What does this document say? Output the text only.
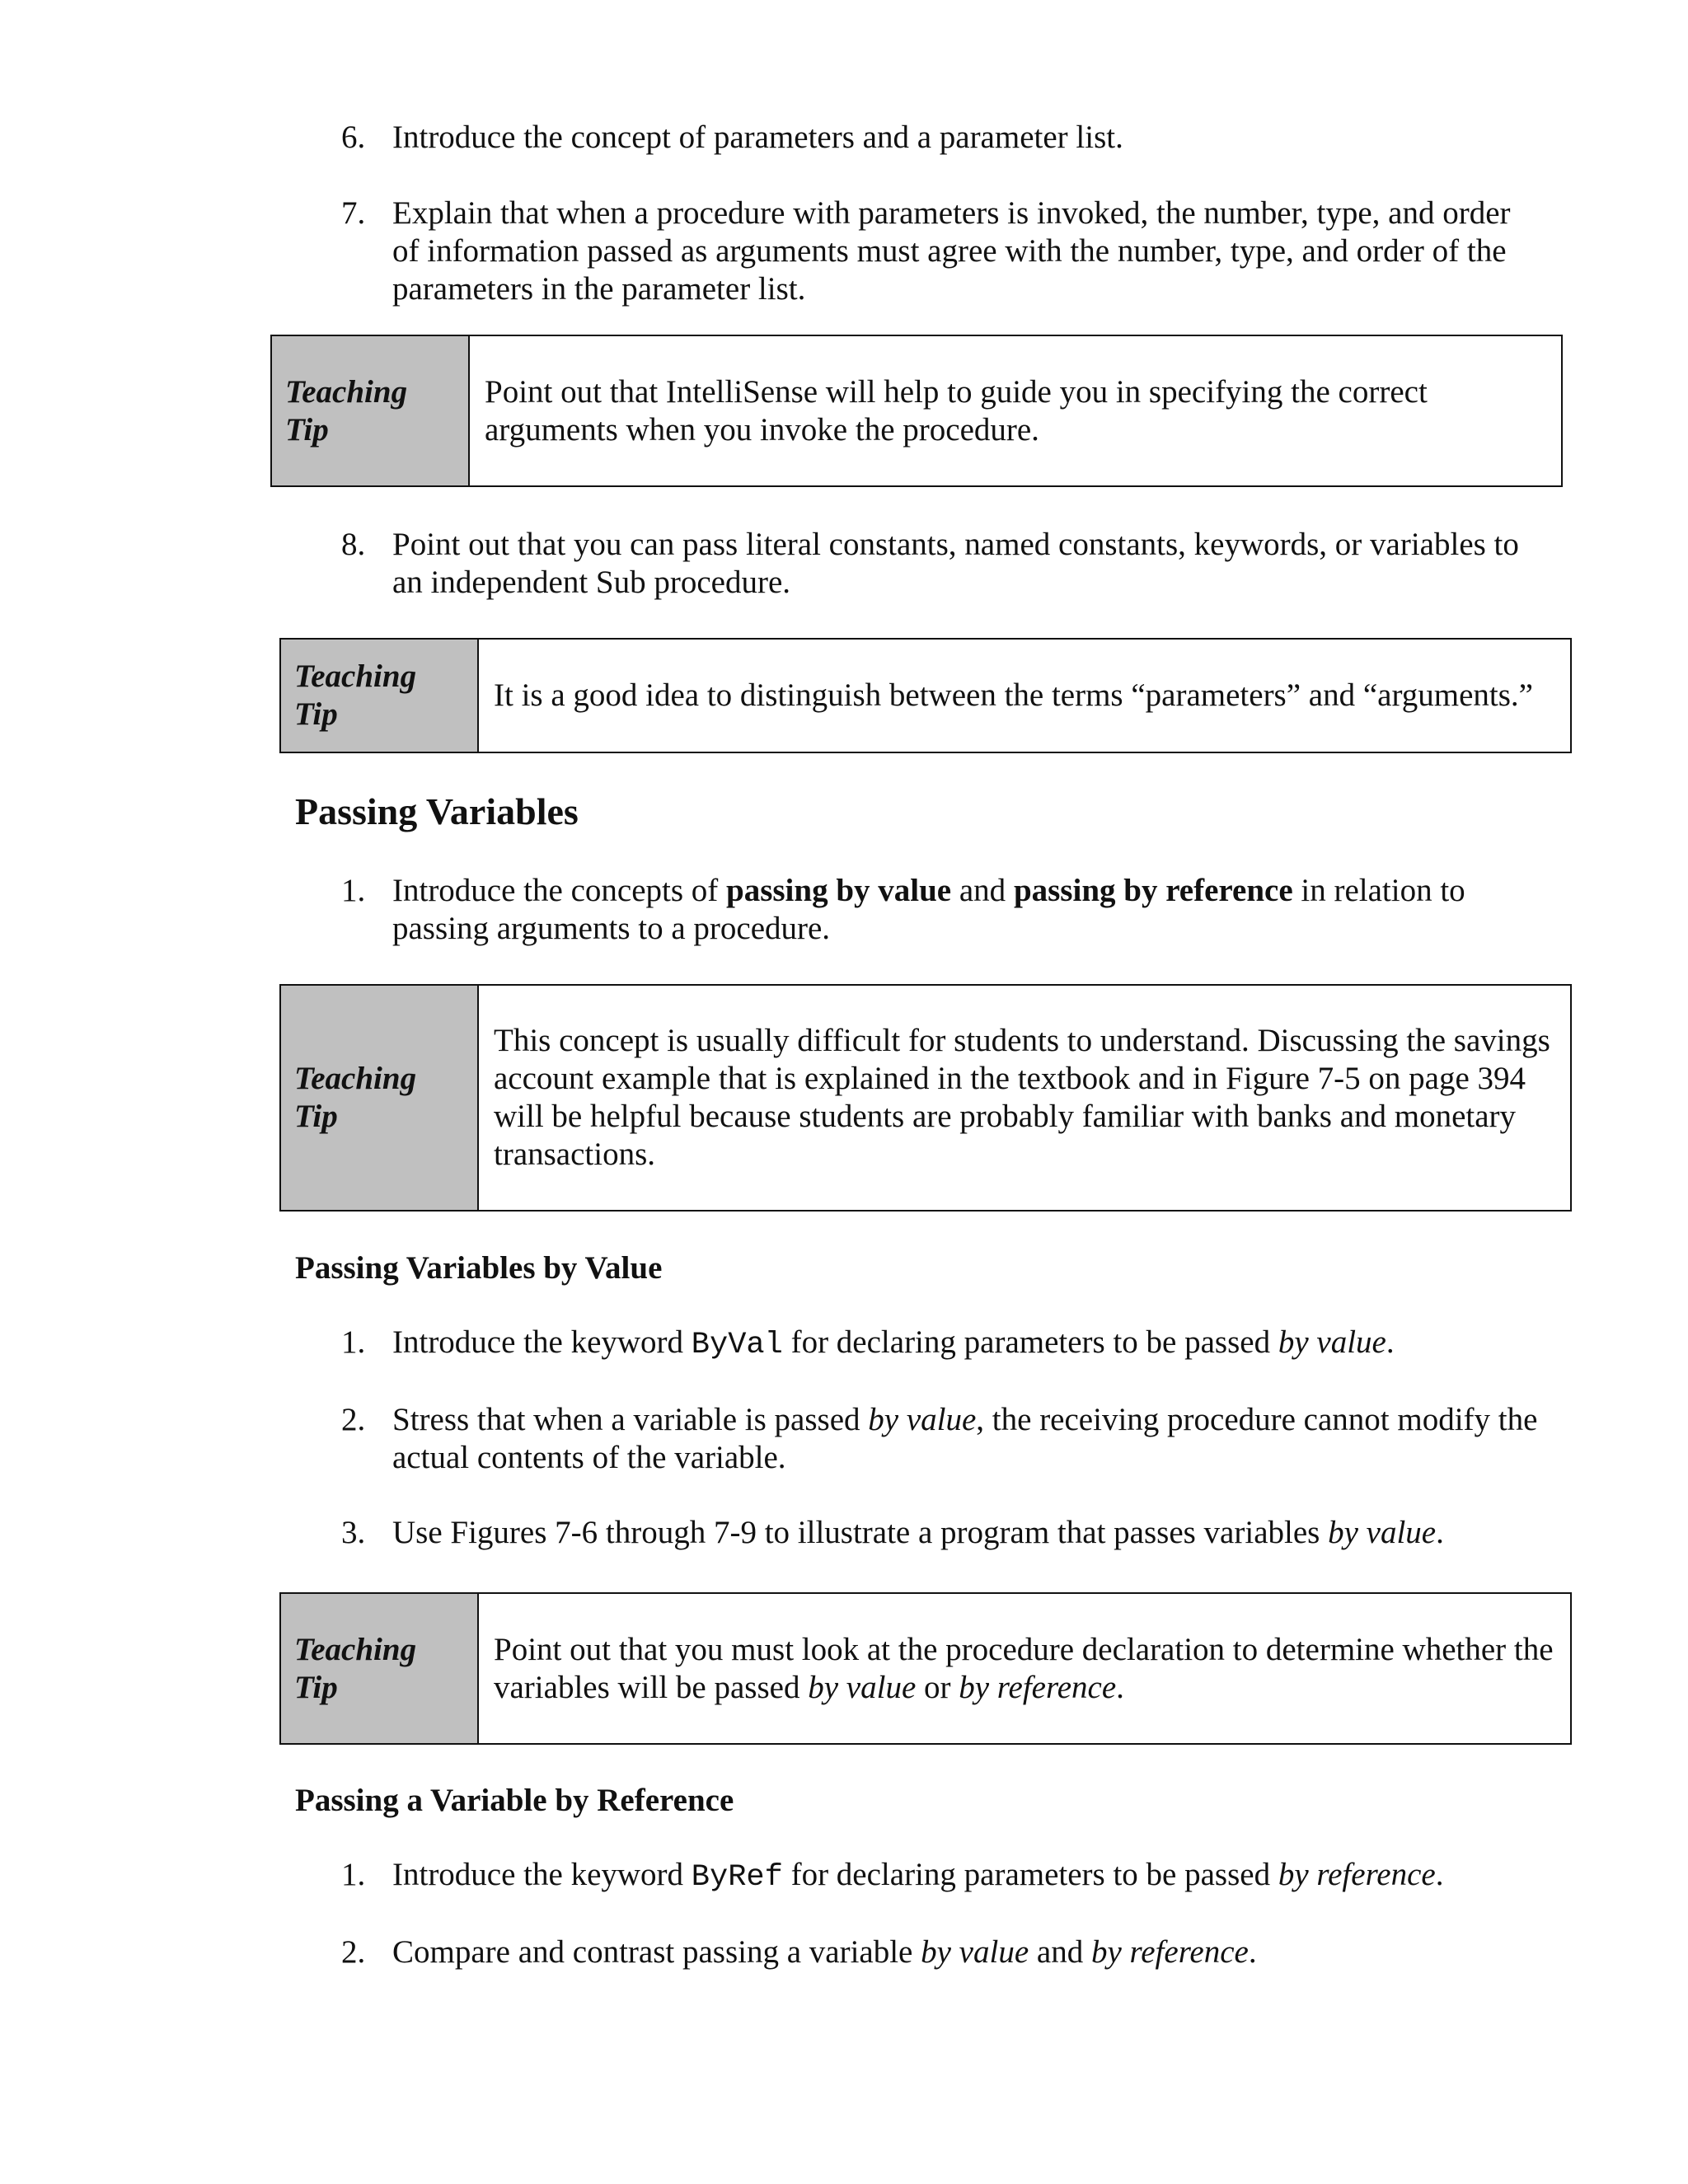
6. Introduce the concept of parameters and a parameter list.
7. Explain that when a procedure with parameters is invoked, the number, type, and order of information passed as arguments must agree with the number, type, and order of the parameters in the parameter list.
Teaching Tip
Point out that IntelliSense will help to guide you in specifying the correct arguments when you invoke the procedure.
8. Point out that you can pass literal constants, named constants, keywords, or variables to an independent Sub procedure.
Teaching Tip
It is a good idea to distinguish between the terms “parameters” and “arguments.”
Passing Variables
1. Introduce the concepts of passing by value and passing by reference in relation to passing arguments to a procedure.
Teaching Tip
This concept is usually difficult for students to understand. Discussing the savings account example that is explained in the textbook and in Figure 7-5 on page 394 will be helpful because students are probably familiar with banks and monetary transactions.
Passing Variables by Value
1. Introduce the keyword ByVal for declaring parameters to be passed by value.
2. Stress that when a variable is passed by value, the receiving procedure cannot modify the actual contents of the variable.
3. Use Figures 7-6 through 7-9 to illustrate a program that passes variables by value.
Teaching Tip
Point out that you must look at the procedure declaration to determine whether the variables will be passed by value or by reference.
Passing a Variable by Reference
1. Introduce the keyword ByRef for declaring parameters to be passed by reference.
2. Compare and contrast passing a variable by value and by reference.
